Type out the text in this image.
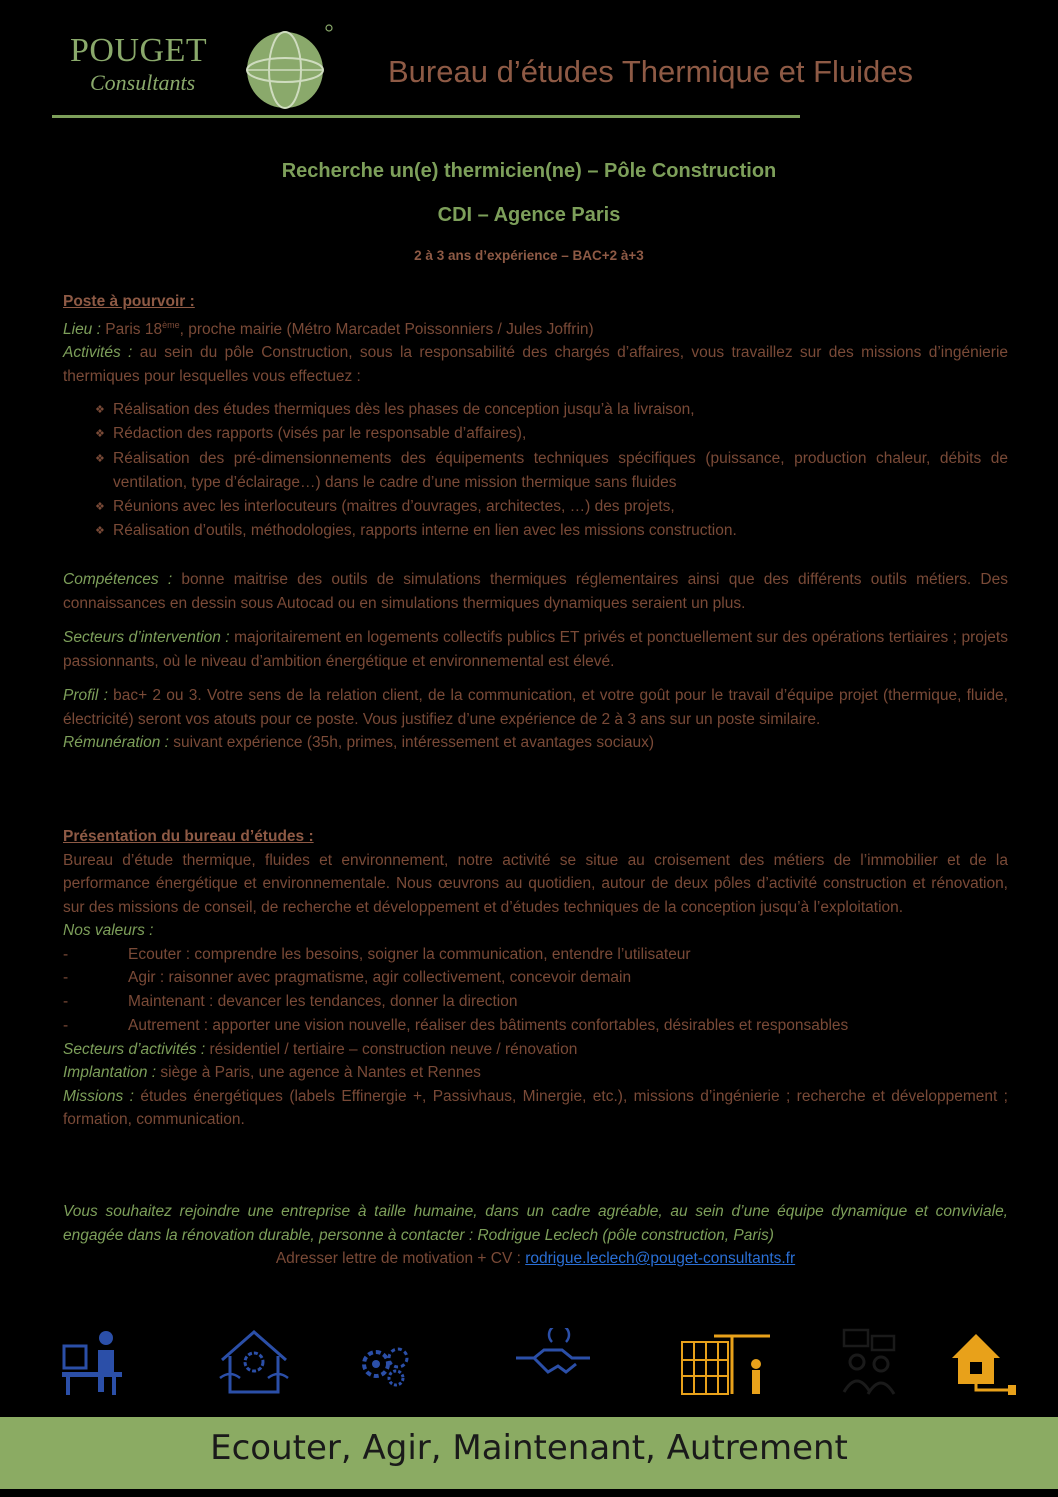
POUGET
Consultants	Bureau d’études Thermique et Fluides
Recherche un(e) thermicien(ne) – Pôle Construction
CDI – Agence Paris
2 à 3 ans d’expérience – BAC+2 à+3
Poste à pourvoir :
Lieu : Paris 18ème, proche mairie (Métro Marcadet Poissonniers / Jules Joffrin)
Activités : au sein du pôle Construction, sous la responsabilité des chargés d’affaires, vous travaillez sur des missions d’ingénierie thermiques pour lesquelles vous effectuez :
❖ Réalisation des études thermiques dès les phases de conception jusqu’à la livraison,
❖ Rédaction des rapports (visés par le responsable d’affaires),
❖ Réalisation des pré-dimensionnements des équipements techniques spécifiques (puissance, production chaleur, débits de ventilation, type d’éclairage…) dans le cadre d’une mission thermique sans fluides
❖ Réunions avec les interlocuteurs (maitres d’ouvrages, architectes, …) des projets,
❖ Réalisation d’outils, méthodologies, rapports interne en lien avec les missions construction.
Compétences : bonne maitrise des outils de simulations thermiques réglementaires ainsi que des différents outils métiers. Des connaissances en dessin sous Autocad ou en simulations thermiques dynamiques seraient un plus.
Secteurs d’intervention : majoritairement en logements collectifs publics ET privés et ponctuellement sur des opérations tertiaires ; projets passionnants, où le niveau d’ambition énergétique et environnemental est élevé.
Profil : bac+ 2 ou 3. Votre sens de la relation client, de la communication, et votre goût pour le travail d’équipe projet (thermique, fluide, électricité) seront vos atouts pour ce poste. Vous justifiez d’une expérience de 2 à 3 ans sur un poste similaire.
Rémunération : suivant expérience (35h, primes, intéressement et avantages sociaux)
Présentation du bureau d’études :
Bureau d’étude thermique, fluides et environnement, notre activité se situe au croisement des métiers de l’immobilier et de la performance énergétique et environnementale. Nous œuvrons au quotidien, autour de deux pôles d’activité construction et rénovation, sur des missions de conseil, de recherche et développement et d’études techniques de la conception jusqu’à l’exploitation.
Nos valeurs :
-	Ecouter : comprendre les besoins, soigner la communication, entendre l’utilisateur
-	Agir : raisonner avec pragmatisme, agir collectivement, concevoir demain
-	Maintenant : devancer les tendances, donner la direction
-	Autrement : apporter une vision nouvelle, réaliser des bâtiments confortables, désirables et responsables
Secteurs d’activités : résidentiel / tertiaire – construction neuve / rénovation
Implantation : siège à Paris, une agence à Nantes et Rennes
Missions : études énergétiques (labels Effinergie +, Passivhaus, Minergie, etc.), missions d’ingénierie ; recherche et développement ; formation, communication.
Vous souhaitez rejoindre une entreprise à taille humaine, dans un cadre agréable, au sein d’une équipe dynamique et conviviale, engagée dans la rénovation durable, personne à contacter : Rodrigue Leclech (pôle construction, Paris)
Adresser lettre de motivation + CV : rodrigue.leclech@pouget-consultants.fr
Ecouter, Agir, Maintenant, Autrement
